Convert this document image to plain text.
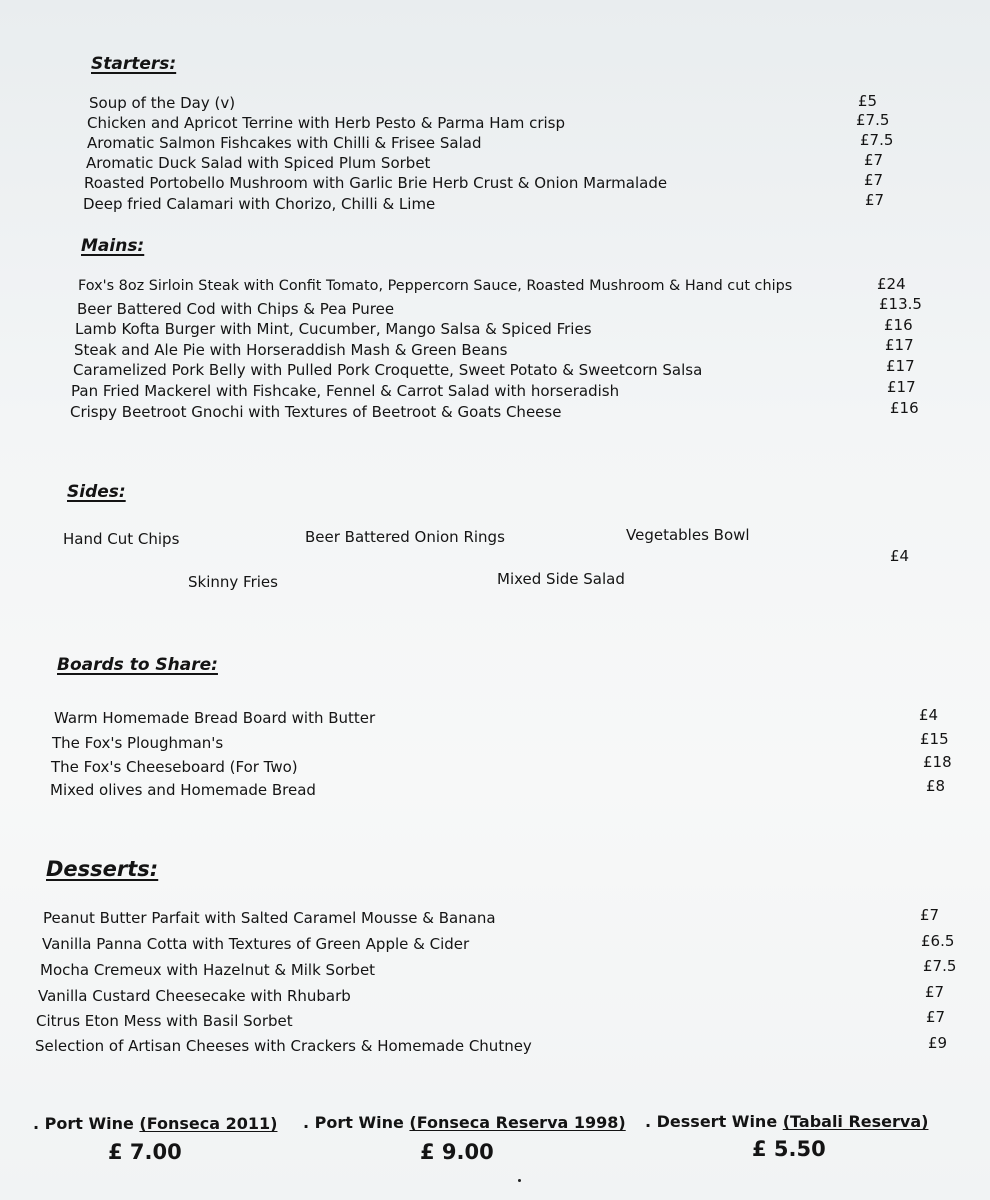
Starters:

Soup of the Day (v)	£5

Chicken and Apricot Terrine with Herb Pesto & Parma Ham crisp	£7.5

Aromatic Salmon Fishcakes with Chilli & Frisee Salad	£7.5

Aromatic Duck Salad with Spiced Plum Sorbet	£7

Roasted Portobello Mushroom with Garlic Brie Herb Crust & Onion Marmalade	£7

Deep fried Calamari with Chorizo, Chilli & Lime	£7

Mains:

Fox's 8oz Sirloin Steak with Confit Tomato, Peppercorn Sauce, Roasted Mushroom & Hand cut chips	£24

Beer Battered Cod with Chips & Pea Puree	£13.5

Lamb Kofta Burger with Mint, Cucumber, Mango Salsa & Spiced Fries	£16

Steak and Ale Pie with Horseraddish Mash & Green Beans	£17

Caramelized Pork Belly with Pulled Pork Croquette, Sweet Potato & Sweetcorn Salsa	£17

Pan Fried Mackerel with Fishcake, Fennel & Carrot Salad with horseradish	£17

Crispy Beetroot Gnochi with Textures of Beetroot & Goats Cheese	£16

Sides:

Hand Cut Chips	Beer Battered Onion Rings	Vegetables Bowl
Skinny Fries	Mixed Side Salad
£4

Boards to Share:

Warm Homemade Bread Board with Butter	£4

The Fox's Ploughman's	£15

The Fox's Cheeseboard (For Two)	£18

Mixed olives and Homemade Bread	£8

Desserts:

Peanut Butter Parfait with Salted Caramel Mousse & Banana	£7

Vanilla Panna Cotta with Textures of Green Apple & Cider	£6.5

Mocha Cremeux with Hazelnut & Milk Sorbet	£7.5

Vanilla Custard Cheesecake with Rhubarb	£7

Citrus Eton Mess with Basil Sorbet	£7

Selection of Artisan Cheeses with Crackers & Homemade Chutney	£9

. Port Wine (Fonseca 2011)
£ 7.00
. Port Wine (Fonseca Reserva 1998)
£ 9.00
. Dessert Wine (Tabali Reserva)
£ 5.50
